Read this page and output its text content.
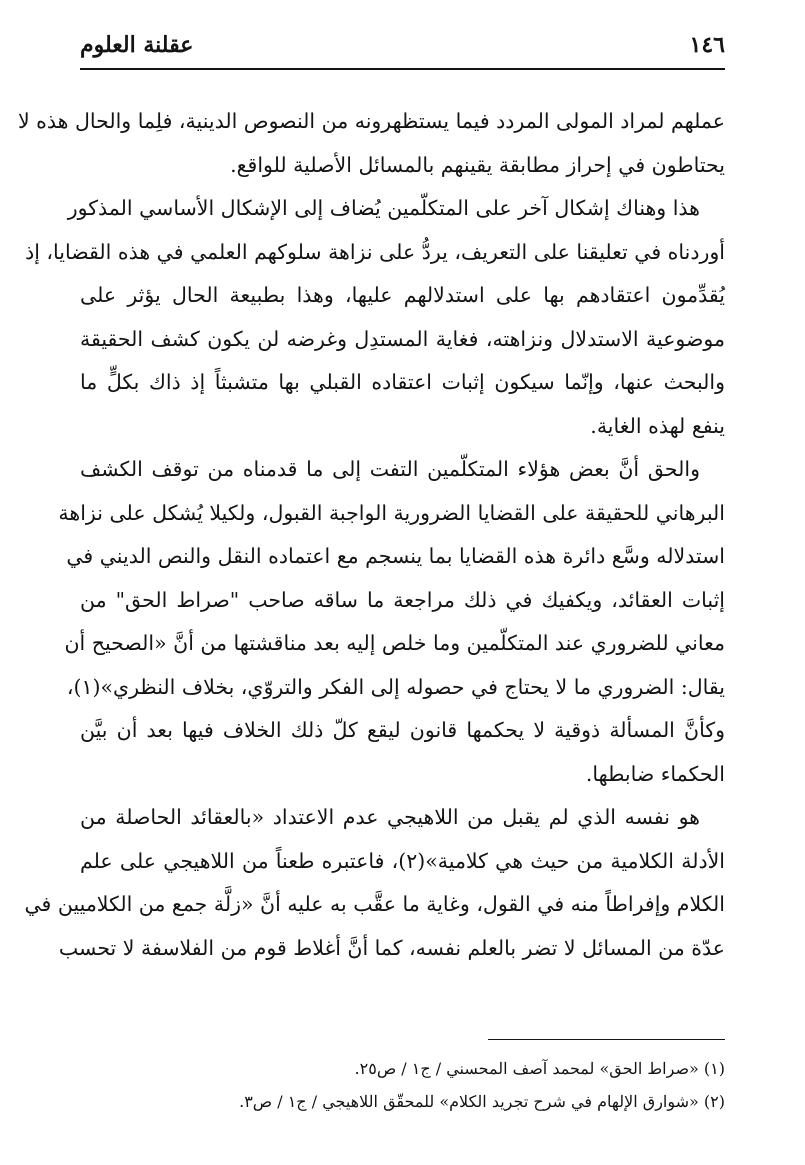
١٤٦
عقلنة العلوم
عملهم لمراد المولى المردد فيما يستظهرونه من النصوص الدينية، فلِما والحال هذه لا
يحتاطون في إحراز مطابقة يقينهم بالمسائل الأصلية للواقع.
هذا وهناك إشكال آخر على المتكلّمين يُضاف إلى الإشكال الأساسي المذكور
أوردناه في تعليقنا على التعريف، يردُّ على نزاهة سلوكهم العلمي في هذه القضايا، إذ
يُقدِّمون اعتقادهم بها على استدلالهم عليها، وهذا بطبيعة الحال يؤثر على
موضوعية الاستدلال ونزاهته، فغاية المستدِل وغرضه لن يكون كشف الحقيقة
والبحث عنها، وإنّما سيكون إثبات اعتقاده القبلي بها متشبثاً إذ ذاك بكلٍّ ما
ينفع لهذه الغاية.
والحق أنَّ بعض هؤلاء المتكلّمين التفت إلى ما قدمناه من توقف الكشف
البرهاني للحقيقة على القضايا الضرورية الواجبة القبول، ولكيلا يُشكل على نزاهة
استدلاله وسَّع دائرة هذه القضايا بما ينسجم مع اعتماده النقل والنص الديني في
إثبات العقائد، ويكفيك في ذلك مراجعة ما ساقه صاحب "صراط الحق" من
معاني للضروري عند المتكلّمين وما خلص إليه بعد مناقشتها من أنَّ «الصحيح أن
يقال: الضروري ما لا يحتاج في حصوله إلى الفكر والتروّي، بخلاف النظري»(١)،
وكأنَّ المسألة ذوقية لا يحكمها قانون ليقع كلّ ذلك الخلاف فيها بعد أن بيَّن
الحكماء ضابطها.
هو نفسه الذي لم يقبل من اللاهيجي عدم الاعتداد «بالعقائد الحاصلة من
الأدلة الكلامية من حيث هي كلامية»(٢)، فاعتبره طعناً من اللاهيجي على علم
الكلام وإفراطاً منه في القول، وغاية ما عقَّب به عليه أنَّ «زلَّة جمع من الكلاميين في
عدّة من المسائل لا تضر بالعلم نفسه، كما أنَّ أغلاط قوم من الفلاسفة لا تحسب
(١) «صراط الحق» لمحمد آصف المحسني / ج١ / ص٢٥.
(٢) «شوارق الإلهام في شرح تجريد الكلام» للمحقّق اللاهيجي / ج١ / ص٣.
